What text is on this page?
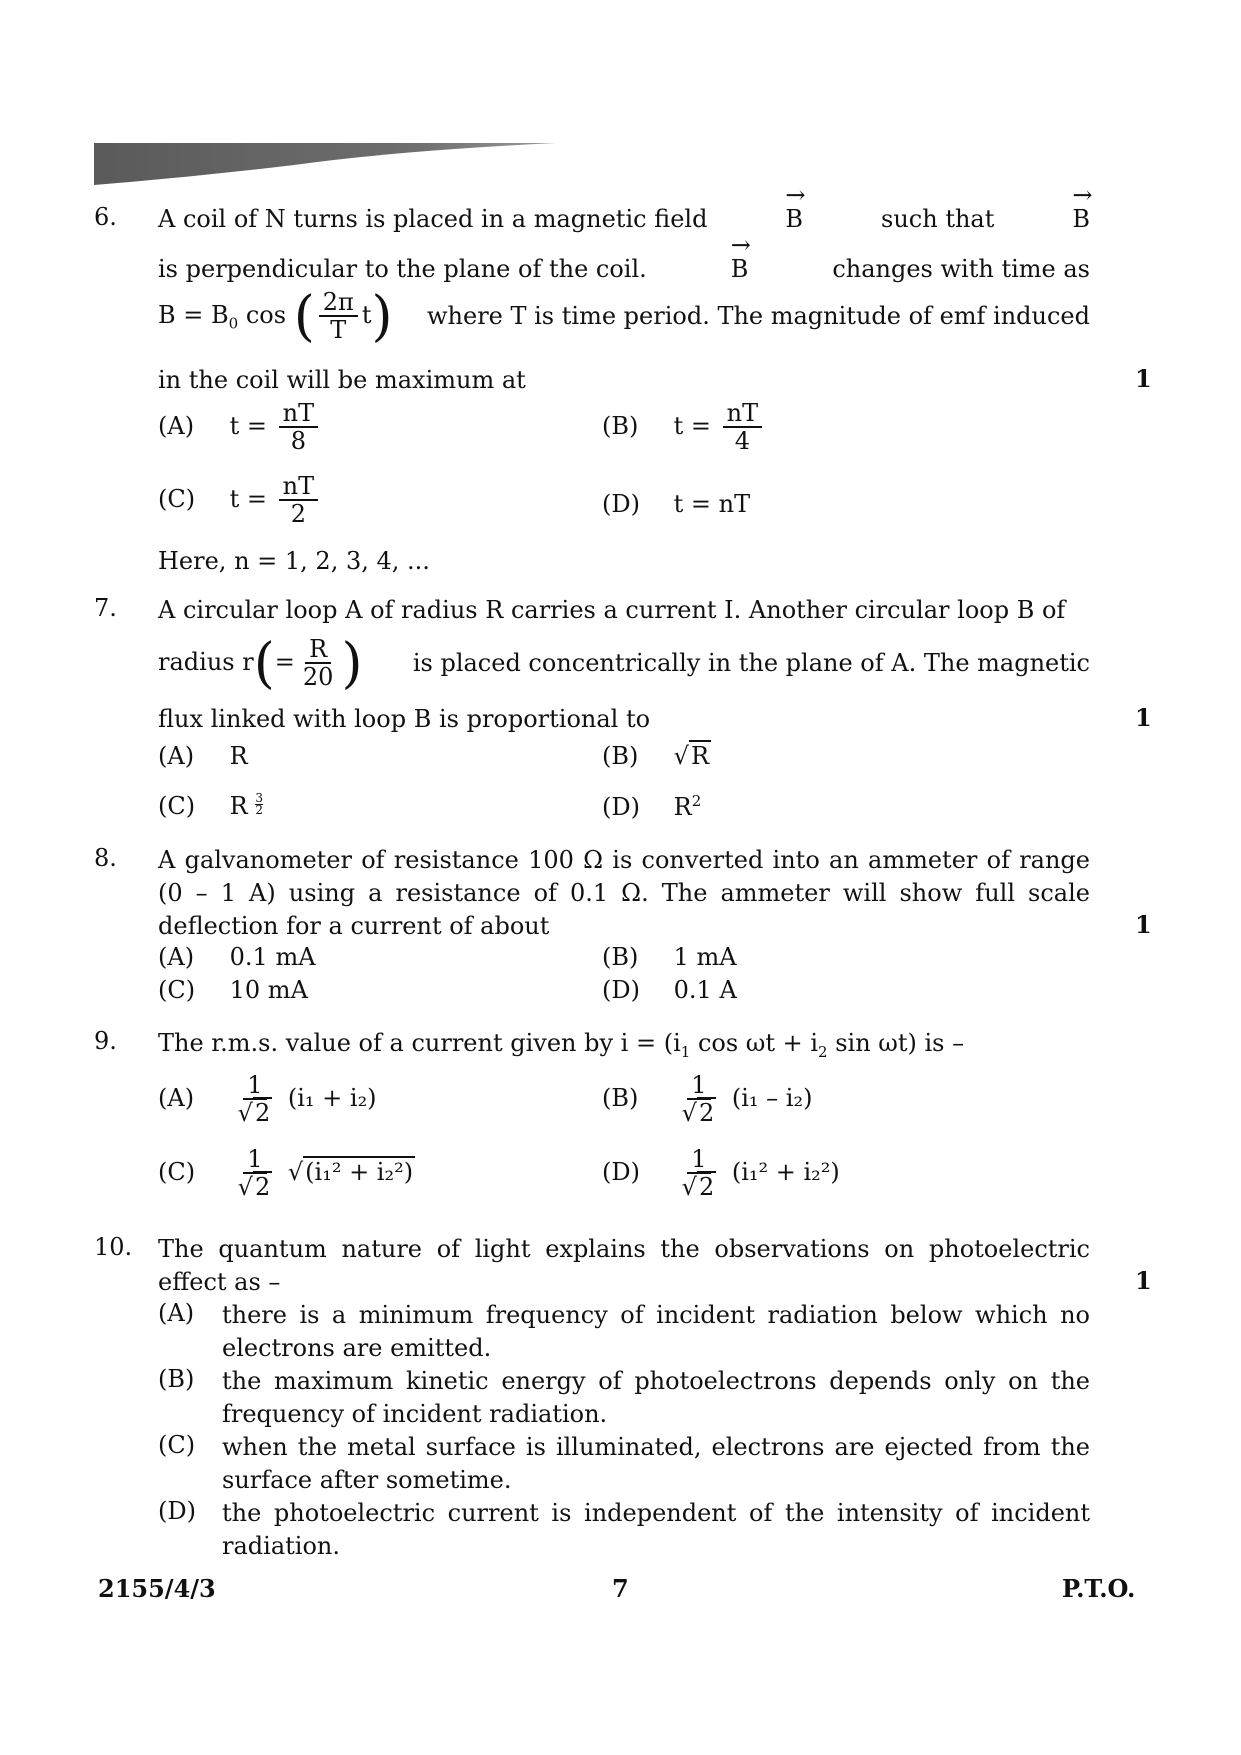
6. A coil of N turns is placed in a magnetic field	→ B	such that	→ B
is perpendicular to the plane of the coil.	→ B	changes with time as
$B = B_0$ cos ( $\frac{2\pi}{T} t$) where T is time period. The magnitude of emf induced
in the coil will be maximum at	1
(A) $t = \frac{nT}{8}$	(B) $t = \frac{nT}{4}$
(C) $t = \frac{nT}{2}$	(D) t = nT
Here, n = 1, 2, 3, 4, ...
7. A circular loop A of radius R carries a current I. Another circular loop B of
radius $r(= \frac{R}{20}$ ) is placed concentrically in the plane of A. The magnetic
flux linked with loop B is proportional to	1
(A) R	(B) √R
(C) R $\frac{3}{2}$	(D) $R^2$
8. A galvanometer of resistance 100 Ω is converted into an ammeter of range (0 – 1 A) using a resistance of 0.1 Ω. The ammeter will show full scale deflection for a current of about	1
(A) 0.1 mA	(B) 1 mA
(C) 10 mA	(D) 0.1 A
9. The r.m.s. value of a current given by $i = (i_1$ $\cos \omega t + i_2$ sin ωt) is –
$(A) \frac{1}{√2} (i_1 + i_2)$	$(B) \frac{1}{√2} (i_1 - i_2)$
$(C) \frac{1}{√2} √(i_1^2 + i_2^2)$	$(D) \frac{1}{√2} (i_1^2 + i_2^2)$
10. The quantum nature of light explains the observations on photoelectric effect as –	1
(A)	there is a minimum frequency of incident radiation below which no electrons are emitted.
(B)	the maximum kinetic energy of photoelectrons depends only on the frequency of incident radiation.
(C)	when the metal surface is illuminated, electrons are ejected from the surface after sometime.
(D)	the photoelectric current is independent of the intensity of incident radiation.
2155/4/3	7	P.T.O.
